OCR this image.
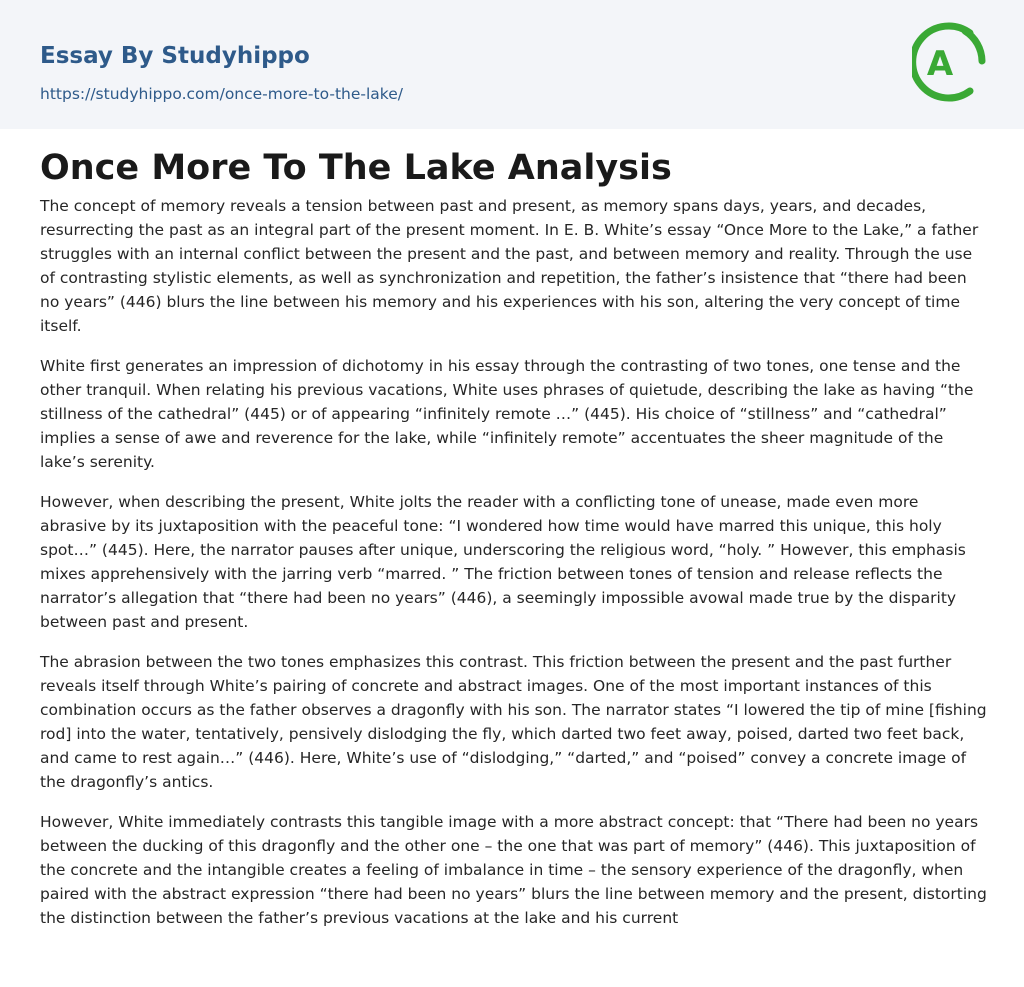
Essay By Studyhippo
https://studyhippo.com/once-more-to-the-lake/
A
Once More To The Lake Analysis

The concept of memory reveals a tension between past and present, as memory spans days, years, and decades, resurrecting the past as an integral part of the present moment. In E. B. White’s essay “Once More to the Lake,” a father struggles with an internal conflict between the present and the past, and between memory and reality. Through the use of contrasting stylistic elements, as well as synchronization and repetition, the father’s insistence that “there had been no years” (446) blurs the line between his memory and his experiences with his son, altering the very concept of time itself.

White first generates an impression of dichotomy in his essay through the contrasting of two tones, one tense and the other tranquil. When relating his previous vacations, White uses phrases of quietude, describing the lake as having “the stillness of the cathedral” (445) or of appearing “infinitely remote …” (445). His choice of “stillness” and “cathedral” implies a sense of awe and reverence for the lake, while “infinitely remote” accentuates the sheer magnitude of the lake’s serenity.

However, when describing the present, White jolts the reader with a conflicting tone of unease, made even more abrasive by its juxtaposition with the peaceful tone: “I wondered how time would have marred this unique, this holy spot…” (445). Here, the narrator pauses after unique, underscoring the religious word, “holy. ” However, this emphasis mixes apprehensively with the jarring verb “marred. ” The friction between tones of tension and release reflects the narrator’s allegation that “there had been no years” (446), a seemingly impossible avowal made true by the disparity between past and present.

The abrasion between the two tones emphasizes this contrast. This friction between the present and the past further reveals itself through White’s pairing of concrete and abstract images. One of the most important instances of this combination occurs as the father observes a dragonfly with his son. The narrator states “I lowered the tip of mine [fishing rod] into the water, tentatively, pensively dislodging the fly, which darted two feet away, poised, darted two feet back, and came to rest again…” (446). Here, White’s use of “dislodging,” “darted,” and “poised” convey a concrete image of the dragonfly’s antics.

However, White immediately contrasts this tangible image with a more abstract concept: that “There had been no years between the ducking of this dragonfly and the other one – the one that was part of memory” (446). This juxtaposition of the concrete and the intangible creates a feeling of imbalance in time – the sensory experience of the dragonfly, when paired with the abstract expression “there had been no years” blurs the line between memory and the present, distorting the distinction between the father’s previous vacations at the lake and his current
